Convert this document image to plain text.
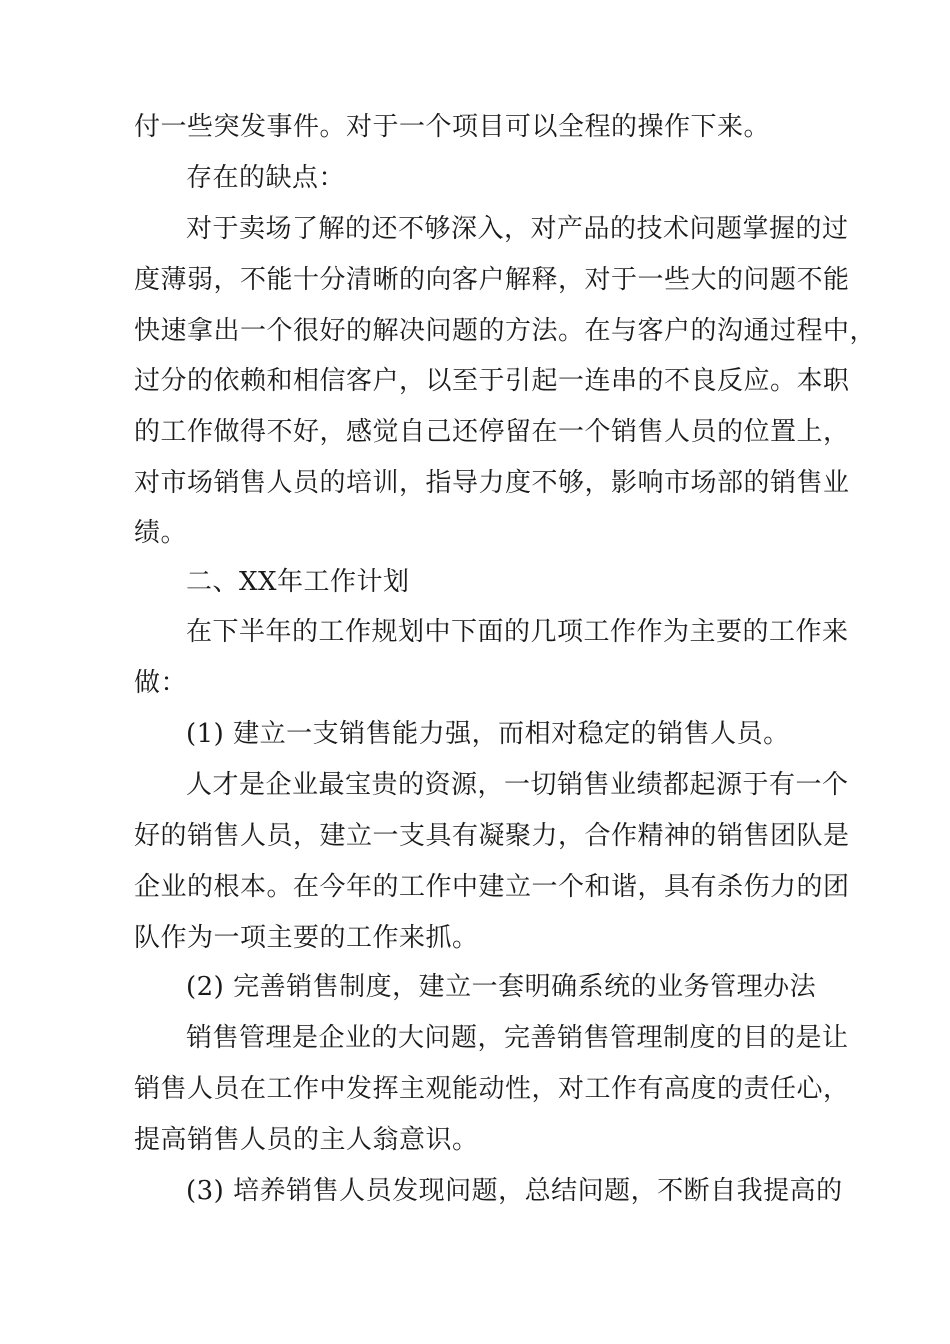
付一些突发事件。对于一个项目可以全程的操作下来。
存在的缺点：
对于卖场了解的还不够深入，对产品的技术问题掌握的过
度薄弱，不能十分清晰的向客户解释，对于一些大的问题不能
快速拿出一个很好的解决问题的方法。在与客户的沟通过程中，
过分的依赖和相信客户，以至于引起一连串的不良反应。本职
的工作做得不好，感觉自己还停留在一个销售人员的位置上，
对市场销售人员的培训，指导力度不够，影响市场部的销售业
绩。
二、XX年工作计划
在下半年的工作规划中下面的几项工作作为主要的工作来
做：
(1) 建立一支销售能力强，而相对稳定的销售人员。
人才是企业最宝贵的资源，一切销售业绩都起源于有一个
好的销售人员，建立一支具有凝聚力，合作精神的销售团队是
企业的根本。在今年的工作中建立一个和谐，具有杀伤力的团
队作为一项主要的工作来抓。
(2) 完善销售制度，建立一套明确系统的业务管理办法
销售管理是企业的大问题，完善销售管理制度的目的是让
销售人员在工作中发挥主观能动性，对工作有高度的责任心，
提高销售人员的主人翁意识。
(3) 培养销售人员发现问题，总结问题，不断自我提高的
